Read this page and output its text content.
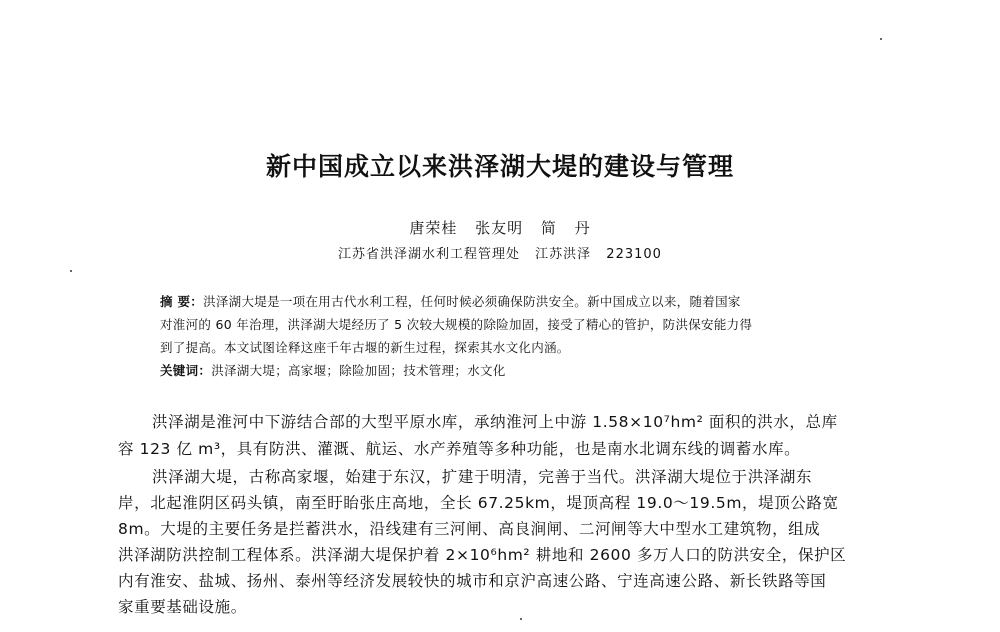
新中国成立以来洪泽湖大堤的建设与管理
唐荣桂 张友明 简 丹
江苏省洪泽湖水利工程管理处 江苏洪泽 223100
摘 要：洪泽湖大堤是一项在用古代水利工程，任何时候必须确保防洪安全。新中国成立以来，随着国家
对淮河的 60 年治理，洪泽湖大堤经历了 5 次较大规模的除险加固，接受了精心的管护，防洪保安能力得
到了提高。本文试图诠释这座千年古堰的新生过程，探索其水文化内涵。
关键词：洪泽湖大堤；高家堰；除险加固；技术管理；水文化
洪泽湖是淮河中下游结合部的大型平原水库，承纳淮河上中游 1.58×10⁷hm² 面积的洪水，总库
容 123 亿 m³，具有防洪、灌溉、航运、水产养殖等多种功能，也是南水北调东线的调蓄水库。
洪泽湖大堤，古称高家堰，始建于东汉，扩建于明清，完善于当代。洪泽湖大堤位于洪泽湖东
岸，北起淮阴区码头镇，南至盱眙张庄高地，全长 67.25km，堤顶高程 19.0～19.5m，堤顶公路宽
8m。大堤的主要任务是拦蓄洪水，沿线建有三河闸、高良涧闸、二河闸等大中型水工建筑物，组成
洪泽湖防洪控制工程体系。洪泽湖大堤保护着 2×10⁶hm² 耕地和 2600 多万人口的防洪安全，保护区
内有淮安、盐城、扬州、泰州等经济发展较快的城市和京沪高速公路、宁连高速公路、新长铁路等国
家重要基础设施。
